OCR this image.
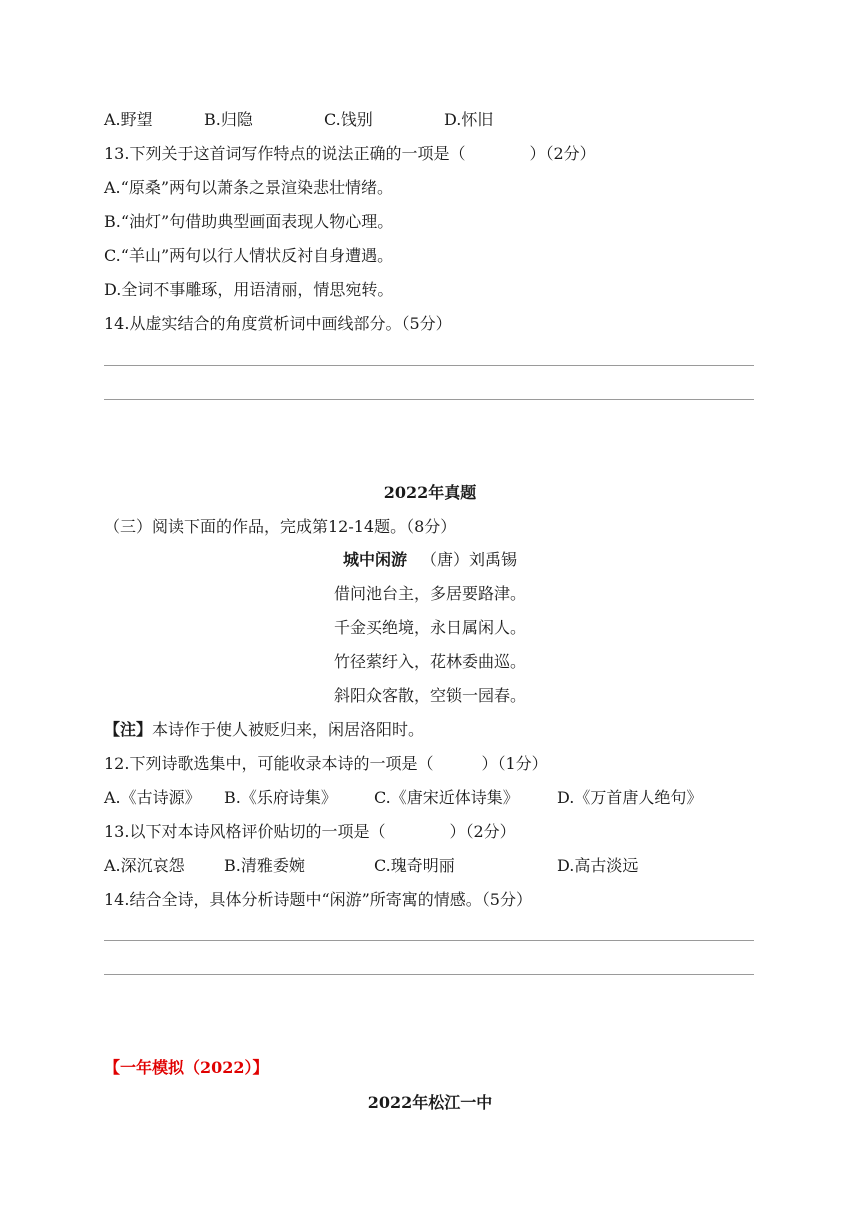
A.野望	B.归隐	C.饯别	D.怀旧
13.下列关于这首词写作特点的说法正确的一项是（　　　　）（2分）
A.“原桑”两句以萧条之景渲染悲壮情绪。
B.“油灯”句借助典型画面表现人物心理。
C.“羊山”两句以行人情状反衬自身遭遇。
D.全词不事雕琢，用语清丽，情思宛转。
14.从虚实结合的角度赏析词中画线部分。（5分）
2022年真题
（三）阅读下面的作品，完成第12-14题。（8分）
城中闲游 （唐）刘禹锡
借问池台主，多居要路津。
千金买绝境，永日属闲人。
竹径萦纡入，花林委曲巡。
斜阳众客散，空锁一园春。
【注】本诗作于使人被贬归来，闲居洛阳时。
12.下列诗歌选集中，可能收录本诗的一项是（　　　）（1分）
A.《古诗源》 B.《乐府诗集》 C.《唐宋近体诗集》 D.《万首唐人绝句》
13.以下对本诗风格评价贴切的一项是（　　　　）（2分）
A.深沉哀怨 B.清雅委婉	C.瑰奇明丽	D.高古淡远
14.结合全诗，具体分析诗题中“闲游”所寄寓的情感。（5分）
【一年模拟（2022）】
2022年松江一中
